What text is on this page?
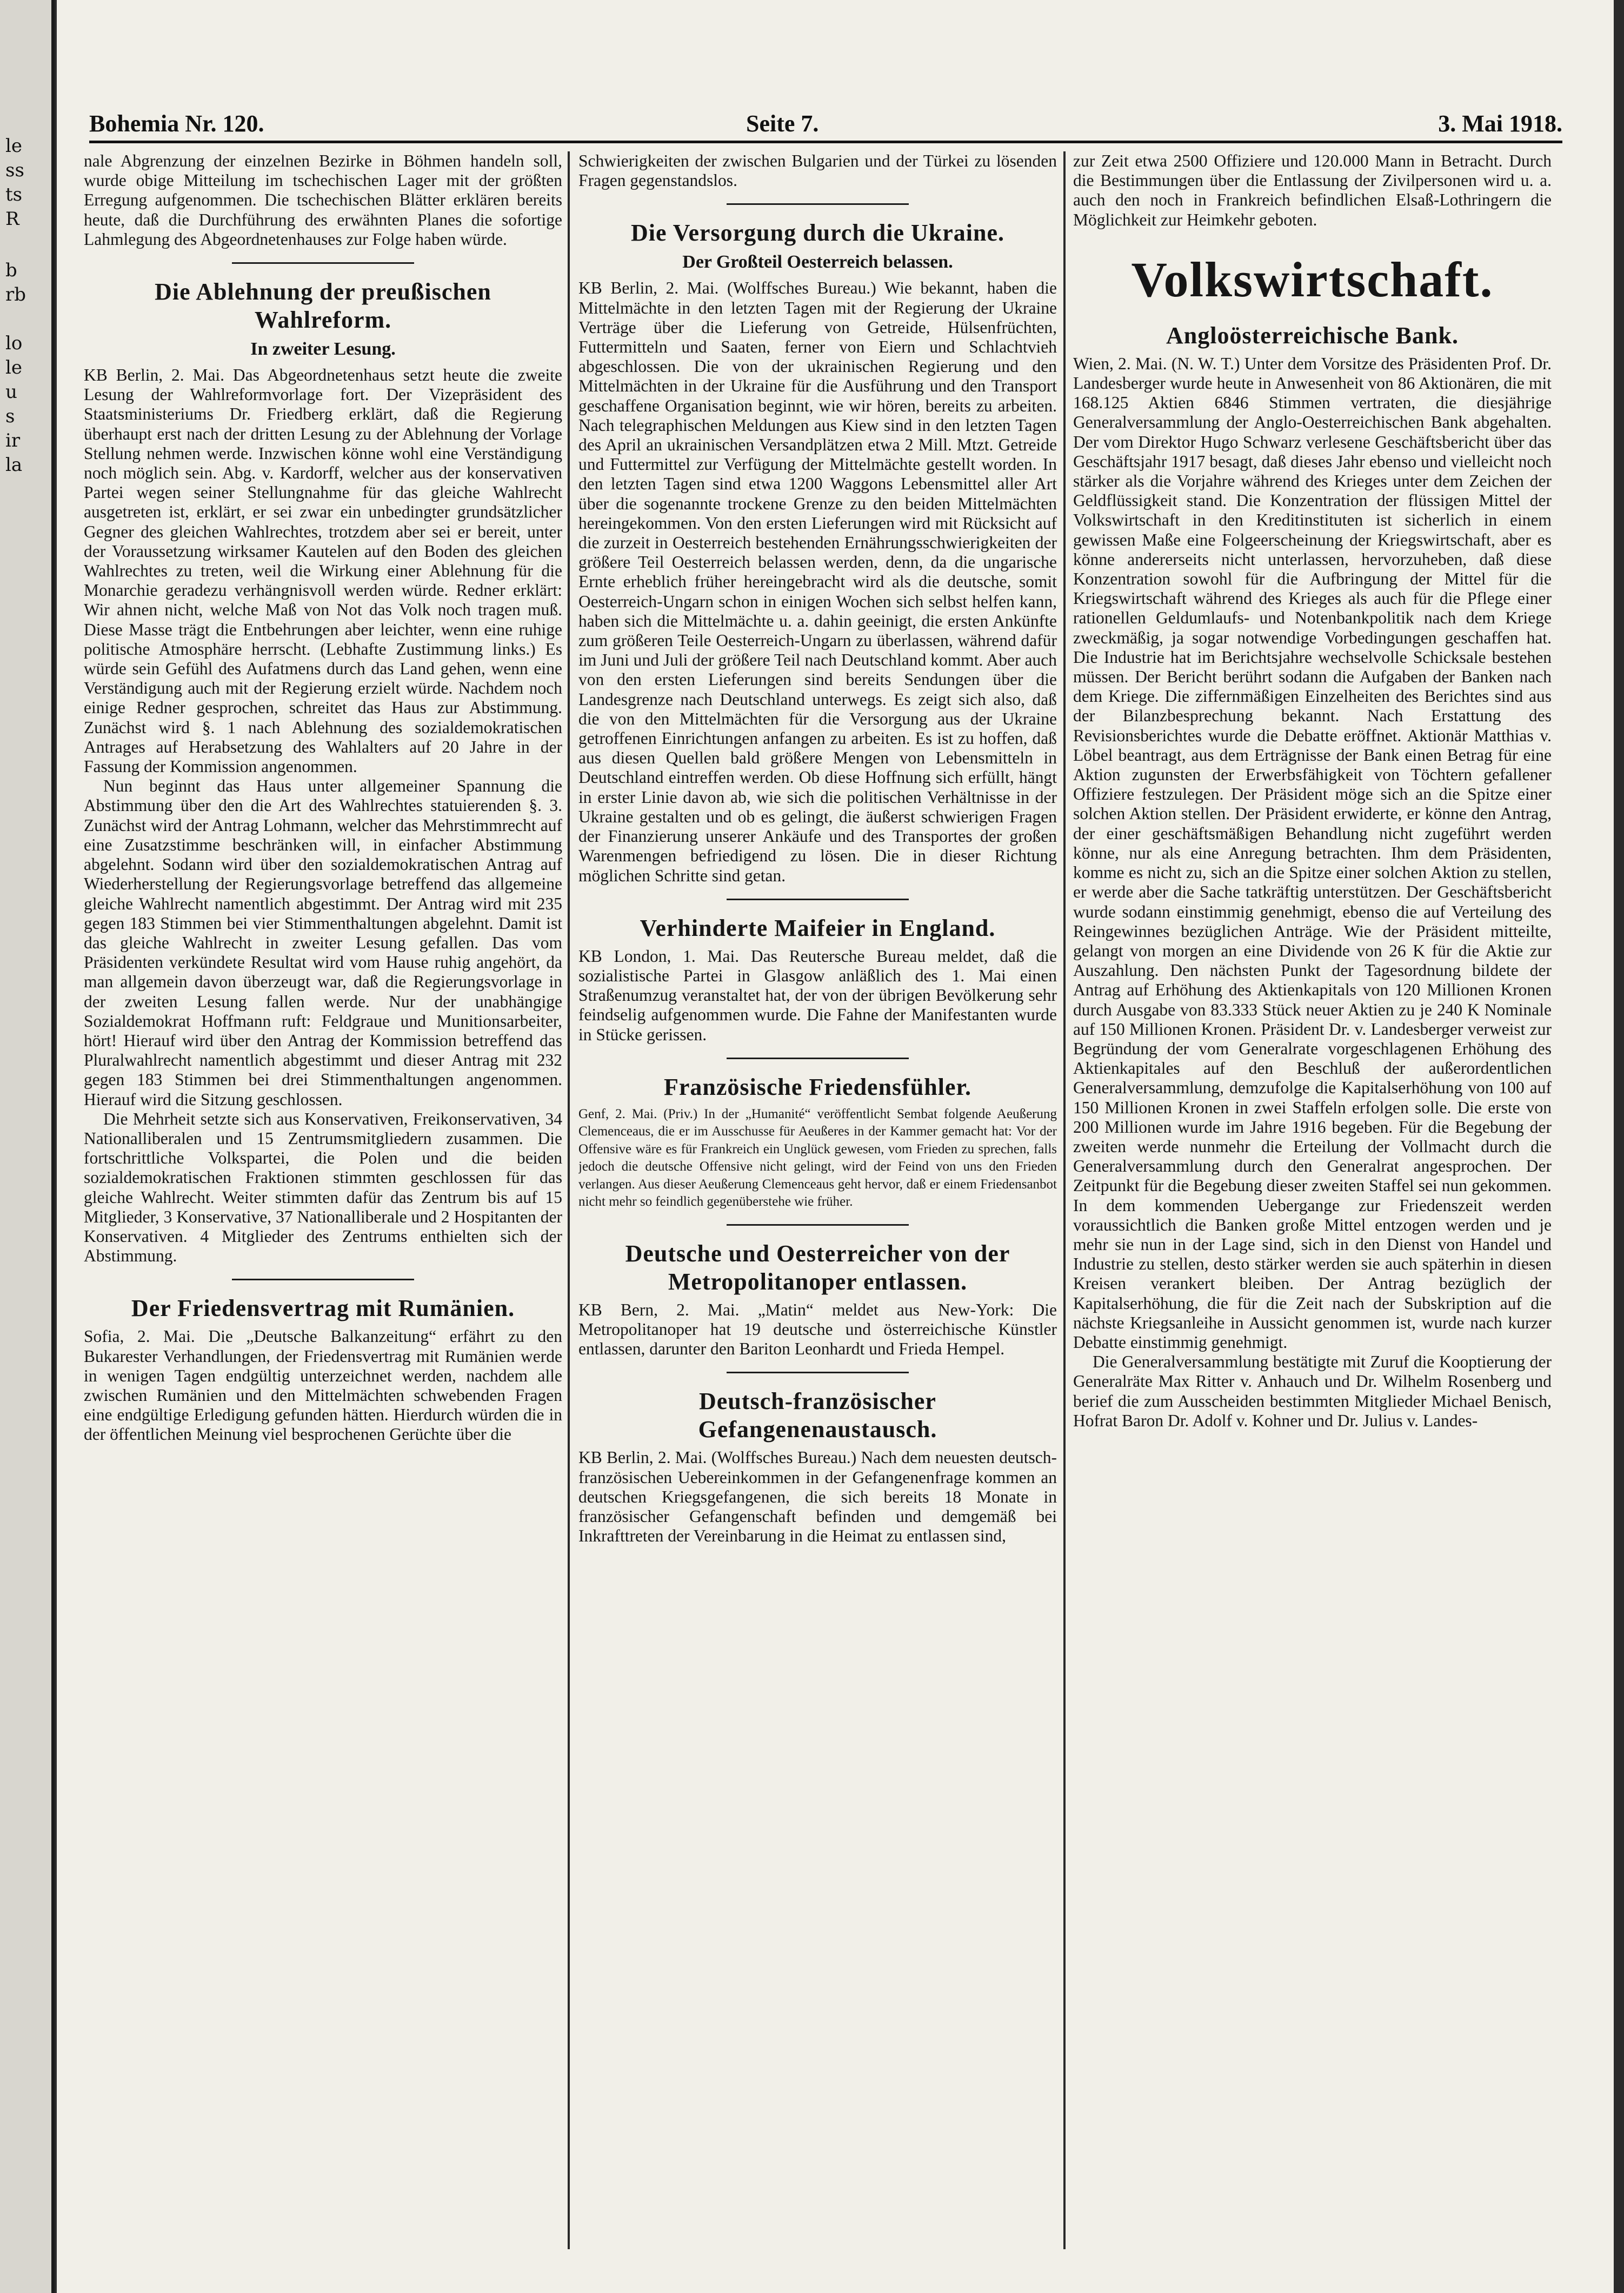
le
ss
ts
R
b
rb
lo
le
u
s
ir
la
Bohemia Nr. 120.	Seite 7.	3. Mai 1918.

nale Abgrenzung der einzelnen Bezirke in Böhmen handeln soll, wurde obige Mitteilung im tschechischen Lager mit der größten Erregung aufgenommen. Die tschechischen Blätter erklären bereits heute, daß die Durchführung des erwähnten Planes die sofortige Lahmlegung des Abgeordnetenhauses zur Folge haben würde.

Die Ablehnung der preußischen Wahlreform.
In zweiter Lesung.

KB Berlin, 2. Mai. Das Abgeordnetenhaus setzt heute die zweite Lesung der Wahlreformvorlage fort. Der Vizepräsident des Staatsministeriums Dr. Friedberg erklärt, daß die Regierung überhaupt erst nach der dritten Lesung zu der Ablehnung der Vorlage Stellung nehmen werde. Inzwischen könne wohl eine Verständigung noch möglich sein. Abg. v. Kardorff, welcher aus der konservativen Partei wegen seiner Stellungnahme für das gleiche Wahlrecht ausgetreten ist, erklärt, er sei zwar ein unbedingter grundsätzlicher Gegner des gleichen Wahlrechtes, trotzdem aber sei er bereit, unter der Voraussetzung wirksamer Kautelen auf den Boden des gleichen Wahlrechtes zu treten, weil die Wirkung einer Ablehnung für die Monarchie geradezu verhängnisvoll werden würde. Redner erklärt: Wir ahnen nicht, welche Maß von Not das Volk noch tragen muß. Diese Masse trägt die Entbehrungen aber leichter, wenn eine ruhige politische Atmosphäre herrscht. (Lebhafte Zustimmung links.) Es würde sein Gefühl des Aufatmens durch das Land gehen, wenn eine Verständigung auch mit der Regierung erzielt würde. Nachdem noch einige Redner gesprochen, schreitet das Haus zur Abstimmung. Zunächst wird §. 1 nach Ablehnung des sozialdemokratischen Antrages auf Herabsetzung des Wahlalters auf 20 Jahre in der Fassung der Kommission angenommen.

Nun beginnt das Haus unter allgemeiner Spannung die Abstimmung über den die Art des Wahlrechtes statuierenden §. 3. Zunächst wird der Antrag Lohmann, welcher das Mehrstimmrecht auf eine Zusatzstimme beschränken will, in einfacher Abstimmung abgelehnt. Sodann wird über den sozialdemokratischen Antrag auf Wiederherstellung der Regierungsvorlage betreffend das allgemeine gleiche Wahlrecht namentlich abgestimmt. Der Antrag wird mit 235 gegen 183 Stimmen bei vier Stimmenthaltungen abgelehnt. Damit ist das gleiche Wahlrecht in zweiter Lesung gefallen. Das vom Präsidenten verkündete Resultat wird vom Hause ruhig angehört, da man allgemein davon überzeugt war, daß die Regierungsvorlage in der zweiten Lesung fallen werde. Nur der unabhängige Sozialdemokrat Hoffmann ruft: Feldgraue und Munitionsarbeiter, hört! Hierauf wird über den Antrag der Kommission betreffend das Pluralwahlrecht namentlich abgestimmt und dieser Antrag mit 232 gegen 183 Stimmen bei drei Stimmenthaltungen angenommen. Hierauf wird die Sitzung geschlossen.

Die Mehrheit setzte sich aus Konservativen, Freikonservativen, 34 Nationalliberalen und 15 Zentrumsmitgliedern zusammen. Die fortschrittliche Volkspartei, die Polen und die beiden sozialdemokratischen Fraktionen stimmten geschlossen für das gleiche Wahlrecht. Weiter stimmten dafür das Zentrum bis auf 15 Mitglieder, 3 Konservative, 37 Nationalliberale und 2 Hospitanten der Konservativen. 4 Mitglieder des Zentrums enthielten sich der Abstimmung.

Der Friedensvertrag mit Rumänien.

Sofia, 2. Mai. Die „Deutsche Balkanzeitung“ erfährt zu den Bukarester Verhandlungen, der Friedensvertrag mit Rumänien werde in wenigen Tagen endgültig unterzeichnet werden, nachdem alle zwischen Rumänien und den Mittelmächten schwebenden Fragen eine endgültige Erledigung gefunden hätten. Hierdurch würden die in der öffentlichen Meinung viel besprochenen Gerüchte über die

Schwierigkeiten der zwischen Bulgarien und der Türkei zu lösenden Fragen gegenstandslos.

Die Versorgung durch die Ukraine.
Der Großteil Oesterreich belassen.

KB Berlin, 2. Mai. (Wolffsches Bureau.) Wie bekannt, haben die Mittelmächte in den letzten Tagen mit der Regierung der Ukraine Verträge über die Lieferung von Getreide, Hülsenfrüchten, Futtermitteln und Saaten, ferner von Eiern und Schlachtvieh abgeschlossen. Die von der ukrainischen Regierung und den Mittelmächten in der Ukraine für die Ausführung und den Transport geschaffene Organisation beginnt, wie wir hören, bereits zu arbeiten. Nach telegraphischen Meldungen aus Kiew sind in den letzten Tagen des April an ukrainischen Versandplätzen etwa 2 Mill. Mtzt. Getreide und Futtermittel zur Verfügung der Mittelmächte gestellt worden. In den letzten Tagen sind etwa 1200 Waggons Lebensmittel aller Art über die sogenannte trockene Grenze zu den beiden Mittelmächten hereingekommen. Von den ersten Lieferungen wird mit Rücksicht auf die zurzeit in Oesterreich bestehenden Ernährungsschwierigkeiten der größere Teil Oesterreich belassen werden, denn, da die ungarische Ernte erheblich früher hereingebracht wird als die deutsche, somit Oesterreich-Ungarn schon in einigen Wochen sich selbst helfen kann, haben sich die Mittelmächte u. a. dahin geeinigt, die ersten Ankünfte zum größeren Teile Oesterreich-Ungarn zu überlassen, während dafür im Juni und Juli der größere Teil nach Deutschland kommt. Aber auch von den ersten Lieferungen sind bereits Sendungen über die Landesgrenze nach Deutschland unterwegs. Es zeigt sich also, daß die von den Mittelmächten für die Versorgung aus der Ukraine getroffenen Einrichtungen anfangen zu arbeiten. Es ist zu hoffen, daß aus diesen Quellen bald größere Mengen von Lebensmitteln in Deutschland eintreffen werden. Ob diese Hoffnung sich erfüllt, hängt in erster Linie davon ab, wie sich die politischen Verhältnisse in der Ukraine gestalten und ob es gelingt, die äußerst schwierigen Fragen der Finanzierung unserer Ankäufe und des Transportes der großen Warenmengen befriedigend zu lösen. Die in dieser Richtung möglichen Schritte sind getan.

Verhinderte Maifeier in England.

KB London, 1. Mai. Das Reutersche Bureau meldet, daß die sozialistische Partei in Glasgow anläßlich des 1. Mai einen Straßenumzug veranstaltet hat, der von der übrigen Bevölkerung sehr feindselig aufgenommen wurde. Die Fahne der Manifestanten wurde in Stücke gerissen.

Französische Friedensfühler.

Genf, 2. Mai. (Priv.) In der „Humanité“ veröffentlicht Sembat folgende Aeußerung Clemenceaus, die er im Ausschusse für Aeußeres in der Kammer gemacht hat: Vor der Offensive wäre es für Frankreich ein Unglück gewesen, vom Frieden zu sprechen, falls jedoch die deutsche Offensive nicht gelingt, wird der Feind von uns den Frieden verlangen. Aus dieser Aeußerung Clemenceaus geht hervor, daß er einem Friedensanbot nicht mehr so feindlich gegenüberstehe wie früher.

Deutsche und Oesterreicher von der Metropolitanoper entlassen.

KB Bern, 2. Mai. „Matin“ meldet aus New-York: Die Metropolitanoper hat 19 deutsche und österreichische Künstler entlassen, darunter den Bariton Leonhardt und Frieda Hempel.

Deutsch-französischer Gefangenenaustausch.

KB Berlin, 2. Mai. (Wolffsches Bureau.) Nach dem neuesten deutsch-französischen Uebereinkommen in der Gefangenenfrage kommen an deutschen Kriegsgefangenen, die sich bereits 18 Monate in französischer Gefangenschaft befinden und demgemäß bei Inkrafttreten der Vereinbarung in die Heimat zu entlassen sind,

zur Zeit etwa 2500 Offiziere und 120.000 Mann in Betracht. Durch die Bestimmungen über die Entlassung der Zivilpersonen wird u. a. auch den noch in Frankreich befindlichen Elsaß-Lothringern die Möglichkeit zur Heimkehr geboten.

Volkswirtschaft.
Angloösterreichische Bank.

Wien, 2. Mai. (N. W. T.) Unter dem Vorsitze des Präsidenten Prof. Dr. Landesberger wurde heute in Anwesenheit von 86 Aktionären, die mit 168.125 Aktien 6846 Stimmen vertraten, die diesjährige Generalversammlung der Anglo-Oesterreichischen Bank abgehalten. Der vom Direktor Hugo Schwarz verlesene Geschäftsbericht über das Geschäftsjahr 1917 besagt, daß dieses Jahr ebenso und vielleicht noch stärker als die Vorjahre während des Krieges unter dem Zeichen der Geldflüssigkeit stand. Die Konzentration der flüssigen Mittel der Volkswirtschaft in den Kreditinstituten ist sicherlich in einem gewissen Maße eine Folgeerscheinung der Kriegswirtschaft, aber es könne andererseits nicht unterlassen, hervorzuheben, daß diese Konzentration sowohl für die Aufbringung der Mittel für die Kriegswirtschaft während des Krieges als auch für die Pflege einer rationellen Geldumlaufs- und Notenbankpolitik nach dem Kriege zweckmäßig, ja sogar notwendige Vorbedingungen geschaffen hat. Die Industrie hat im Berichtsjahre wechselvolle Schicksale bestehen müssen. Der Bericht berührt sodann die Aufgaben der Banken nach dem Kriege. Die ziffernmäßigen Einzelheiten des Berichtes sind aus der Bilanzbesprechung bekannt. Nach Erstattung des Revisionsberichtes wurde die Debatte eröffnet. Aktionär Matthias v. Löbel beantragt, aus dem Erträgnisse der Bank einen Betrag für eine Aktion zugunsten der Erwerbsfähigkeit von Töchtern gefallener Offiziere festzulegen. Der Präsident möge sich an die Spitze einer solchen Aktion stellen. Der Präsident erwiderte, er könne den Antrag, der einer geschäftsmäßigen Behandlung nicht zugeführt werden könne, nur als eine Anregung betrachten. Ihm dem Präsidenten, komme es nicht zu, sich an die Spitze einer solchen Aktion zu stellen, er werde aber die Sache tatkräftig unterstützen. Der Geschäftsbericht wurde sodann einstimmig genehmigt, ebenso die auf Verteilung des Reingewinnes bezüglichen Anträge. Wie der Präsident mitteilte, gelangt von morgen an eine Dividende von 26 K für die Aktie zur Auszahlung. Den nächsten Punkt der Tagesordnung bildete der Antrag auf Erhöhung des Aktienkapitals von 120 Millionen Kronen durch Ausgabe von 83.333 Stück neuer Aktien zu je 240 K Nominale auf 150 Millionen Kronen. Präsident Dr. v. Landesberger verweist zur Begründung der vom Generalrate vorgeschlagenen Erhöhung des Aktienkapitales auf den Beschluß der außerordentlichen Generalversammlung, demzufolge die Kapitalserhöhung von 100 auf 150 Millionen Kronen in zwei Staffeln erfolgen solle. Die erste von 200 Millionen wurde im Jahre 1916 begeben. Für die Begebung der zweiten werde nunmehr die Erteilung der Vollmacht durch die Generalversammlung durch den Generalrat angesprochen. Der Zeitpunkt für die Begebung dieser zweiten Staffel sei nun gekommen. In dem kommenden Uebergange zur Friedenszeit werden voraussichtlich die Banken große Mittel entzogen werden und je mehr sie nun in der Lage sind, sich in den Dienst von Handel und Industrie zu stellen, desto stärker werden sie auch späterhin in diesen Kreisen verankert bleiben. Der Antrag bezüglich der Kapitalserhöhung, die für die Zeit nach der Subskription auf die nächste Kriegsanleihe in Aussicht genommen ist, wurde nach kurzer Debatte einstimmig genehmigt.

Die Generalversammlung bestätigte mit Zuruf die Kooptierung der Generalräte Max Ritter v. Anhauch und Dr. Wilhelm Rosenberg und berief die zum Ausscheiden bestimmten Mitglieder Michael Benisch, Hofrat Baron Dr. Adolf v. Kohner und Dr. Julius v. Landes-
